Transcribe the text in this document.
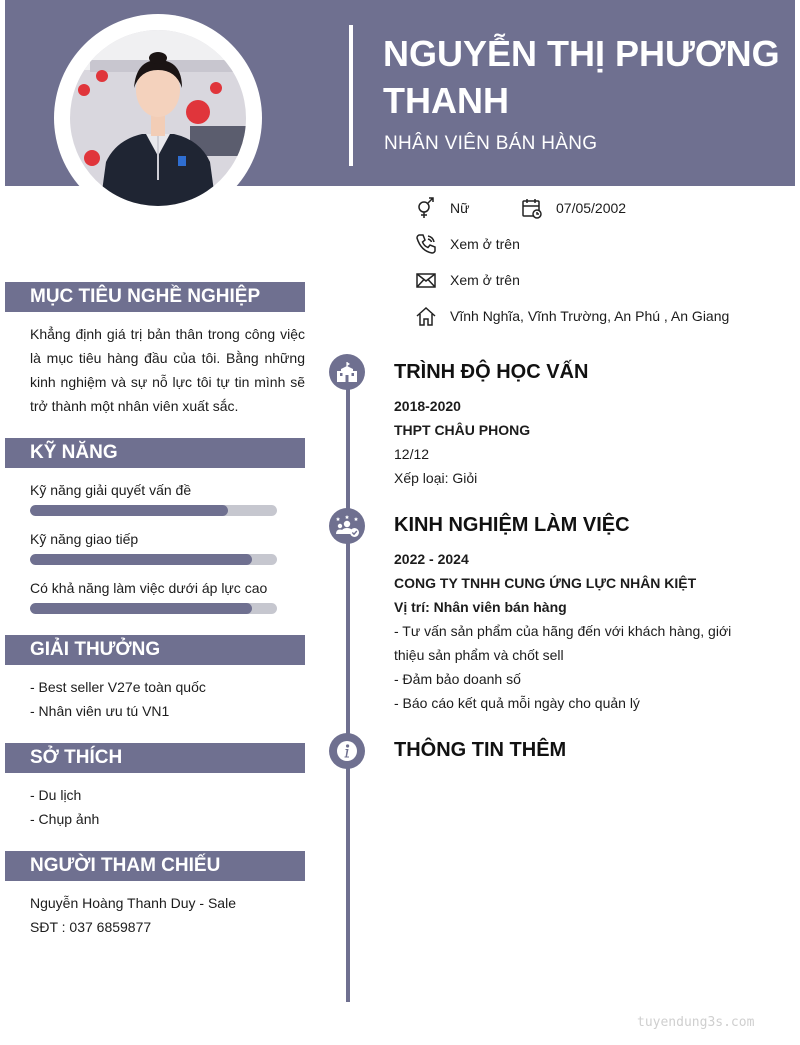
NGUYỄN THỊ PHƯƠNG THANH
NHÂN VIÊN BÁN HÀNG
Nữ	07/05/2002
Xem ở trên
Xem ở trên
Vĩnh Nghĩa, Vĩnh Trường, An Phú , An Giang
MỤC TIÊU NGHỀ NGHIỆP
Khẳng định giá trị bản thân trong công việc là mục tiêu hàng đầu của tôi. Bằng những kinh nghiệm và sự nỗ lực tôi tự tin mình sẽ trở thành một nhân viên xuất sắc.
KỸ NĂNG
Kỹ năng giải quyết vấn đề
Kỹ năng giao tiếp
Có khả năng làm việc dưới áp lực cao
GIẢI THƯỞNG
- Best seller V27e toàn quốc
- Nhân viên ưu tú VN1
SỞ THÍCH
- Du lịch
- Chụp ảnh
NGƯỜI THAM CHIẾU
Nguyễn Hoàng Thanh Duy - Sale
SĐT : 037 6859877
TRÌNH ĐỘ HỌC VẤN
2018-2020
THPT CHÂU PHONG
12/12
Xếp loại: Giỏi
KINH NGHIỆM LÀM VIỆC
2022 - 2024
CONG TY TNHH CUNG ỨNG LỰC NHÂN KIỆT
Vị trí: Nhân viên bán hàng
- Tư vấn sản phẩm của hãng đến với khách hàng, giới thiệu sản phẩm và chốt sell
- Đảm bảo doanh số
- Báo cáo kết quả mỗi ngày cho quản lý
THÔNG TIN THÊM
tuyendung3s.com
